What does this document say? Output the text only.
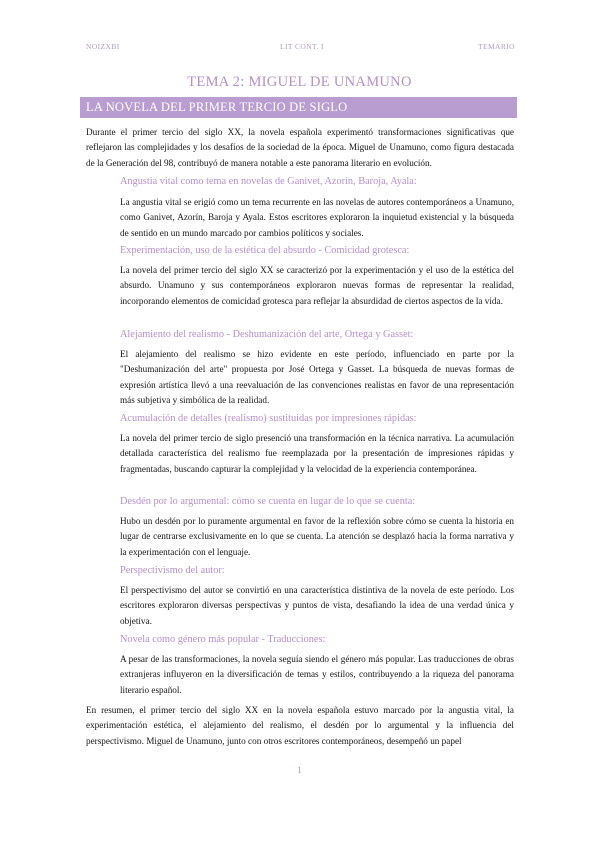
NOIZXBI	LIT CONT. I	TEMARIO
TEMA 2: MIGUEL DE UNAMUNO
LA NOVELA DEL PRIMER TERCIO DE SIGLO
Durante el primer tercio del siglo XX, la novela española experimentó transformaciones significativas que reflejaron las complejidades y los desafíos de la sociedad de la época. Miguel de Unamuno, como figura destacada de la Generación del 98, contribuyó de manera notable a este panorama literario en evolución.
Angustia vital como tema en novelas de Ganivet, Azorín, Baroja, Ayala:
La angustia vital se erigió como un tema recurrente en las novelas de autores contemporáneos a Unamuno, como Ganivet, Azorín, Baroja y Ayala. Estos escritores exploraron la inquietud existencial y la búsqueda de sentido en un mundo marcado por cambios políticos y sociales.
Experimentación, uso de la estética del absurdo - Comicidad grotesca:
La novela del primer tercio del siglo XX se caracterizó por la experimentación y el uso de la estética del absurdo. Unamuno y sus contemporáneos exploraron nuevas formas de representar la realidad, incorporando elementos de comicidad grotesca para reflejar la absurdidad de ciertos aspectos de la vida.
Alejamiento del realismo - Deshumanización del arte, Ortega y Gasset:
El alejamiento del realismo se hizo evidente en este período, influenciado en parte por la "Deshumanización del arte" propuesta por José Ortega y Gasset. La búsqueda de nuevas formas de expresión artística llevó a una reevaluación de las convenciones realistas en favor de una representación más subjetiva y simbólica de la realidad.
Acumulación de detalles (realismo) sustituidas por impresiones rápidas:
La novela del primer tercio de siglo presenció una transformación en la técnica narrativa. La acumulación detallada característica del realismo fue reemplazada por la presentación de impresiones rápidas y fragmentadas, buscando capturar la complejidad y la velocidad de la experiencia contemporánea.
Desdén por lo argumental: cómo se cuenta en lugar de lo que se cuenta:
Hubo un desdén por lo puramente argumental en favor de la reflexión sobre cómo se cuenta la historia en lugar de centrarse exclusivamente en lo que se cuenta. La atención se desplazó hacia la forma narrativa y la experimentación con el lenguaje.
Perspectivismo del autor:
El perspectivismo del autor se convirtió en una característica distintiva de la novela de este período. Los escritores exploraron diversas perspectivas y puntos de vista, desafiando la idea de una verdad única y objetiva.
Novela como género más popular - Traducciones:
A pesar de las transformaciones, la novela seguía siendo el género más popular. Las traducciones de obras extranjeras influyeron en la diversificación de temas y estilos, contribuyendo a la riqueza del panorama literario español.
En resumen, el primer tercio del siglo XX en la novela española estuvo marcado por la angustia vital, la experimentación estética, el alejamiento del realismo, el desdén por lo argumental y la influencia del perspectivismo. Miguel de Unamuno, junto con otros escritores contemporáneos, desempeñó un papel
1
